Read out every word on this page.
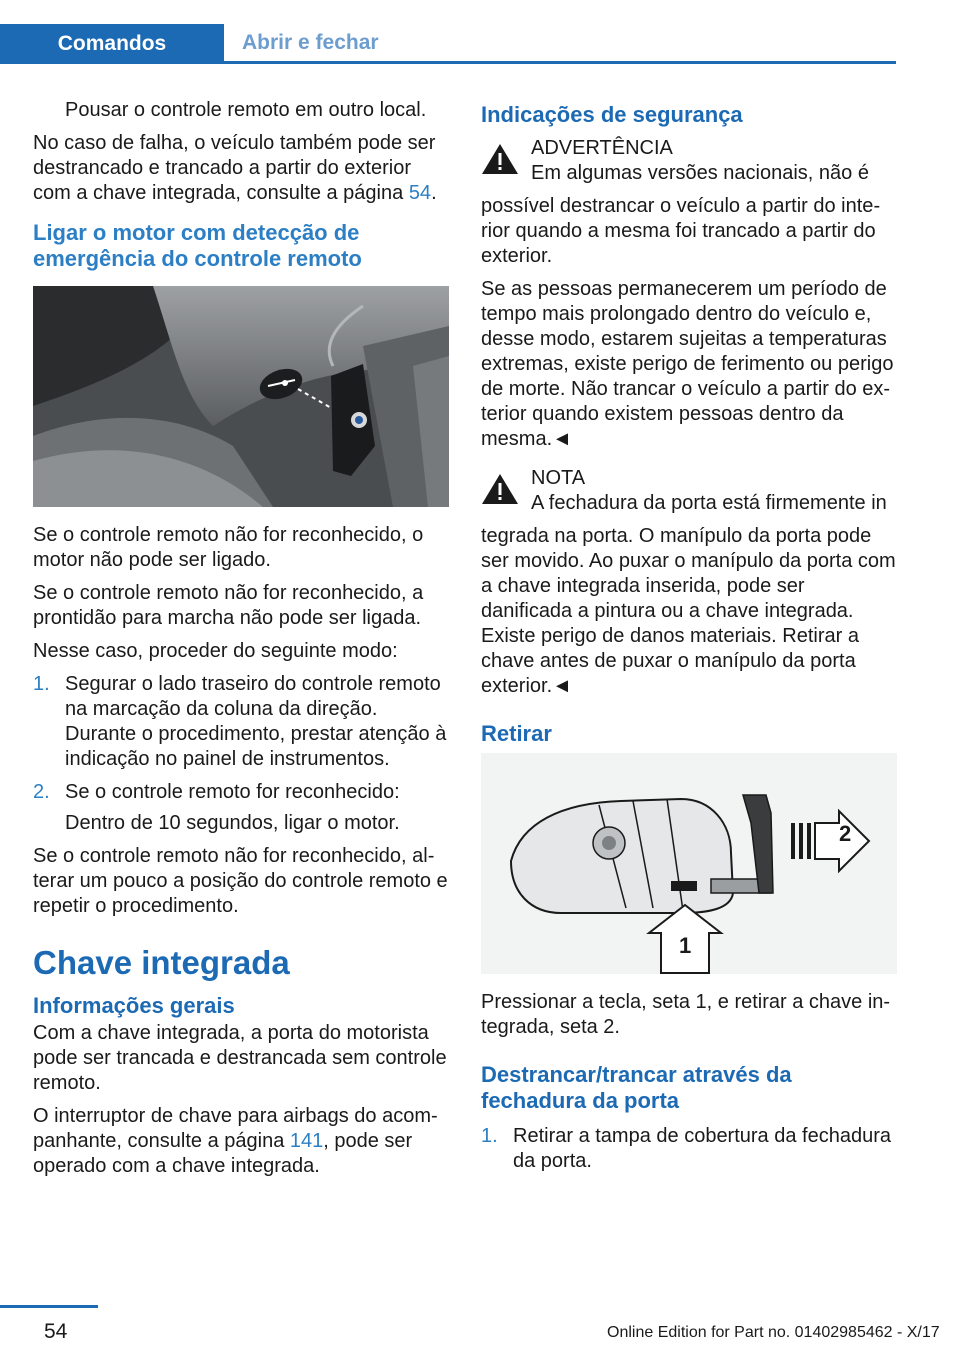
Comandos	Abrir e fechar

Pousar o controle remoto em outro local.

No caso de falha, o veículo também pode ser destrancado e trancado a partir do exterior com a chave integrada, consulte a página 54.

Ligar o motor com detecção de emergência do controle remoto

Se o controle remoto não for reconhecido, o motor não pode ser ligado.

Se o controle remoto não for reconhecido, a prontidão para marcha não pode ser ligada.

Nesse caso, proceder do seguinte modo:

1. Segurar o lado traseiro do controle remoto na marcação da coluna da direção. Durante o procedimento, prestar atenção à indicação no painel de instrumentos.
2. Se o controle remoto for reconhecido:

Dentro de 10 segundos, ligar o motor.

Se o controle remoto não for reconhecido, alterar um pouco a posição do controle remoto e repetir o procedimento.

Chave integrada
Informações gerais

Com a chave integrada, a porta do motorista pode ser trancada e destrancada sem controle remoto.

O interruptor de chave para airbags do acompanhante, consulte a página 141, pode ser operado com a chave integrada.

Indicações de segurança
ADVERTÊNCIA
Em algumas versões nacionais, não é

possível destrancar o veículo a partir do interior quando a mesma foi trancado a partir do exterior.

Se as pessoas permanecerem um período de tempo mais prolongado dentro do veículo e, desse modo, estarem sujeitas a temperaturas extremas, existe perigo de ferimento ou perigo de morte. Não trancar o veículo a partir do exterior quando existem pessoas dentro da mesma.◄

NOTA
A fechadura da porta está firmemente in

tegrada na porta. O manípulo da porta pode ser movido. Ao puxar o manípulo da porta com a chave integrada inserida, pode ser danificada a pintura ou a chave integrada. Existe perigo de danos materiais. Retirar a chave antes de puxar o manípulo da porta exterior.◄

Retirar
2
1

Pressionar a tecla, seta 1, e retirar a chave integrada, seta 2.

Destrancar/trancar através da fechadura da porta
1. Retirar a tampa de cobertura da fechadura da porta.
54	Online Edition for Part no. 01402985462 - X/17
